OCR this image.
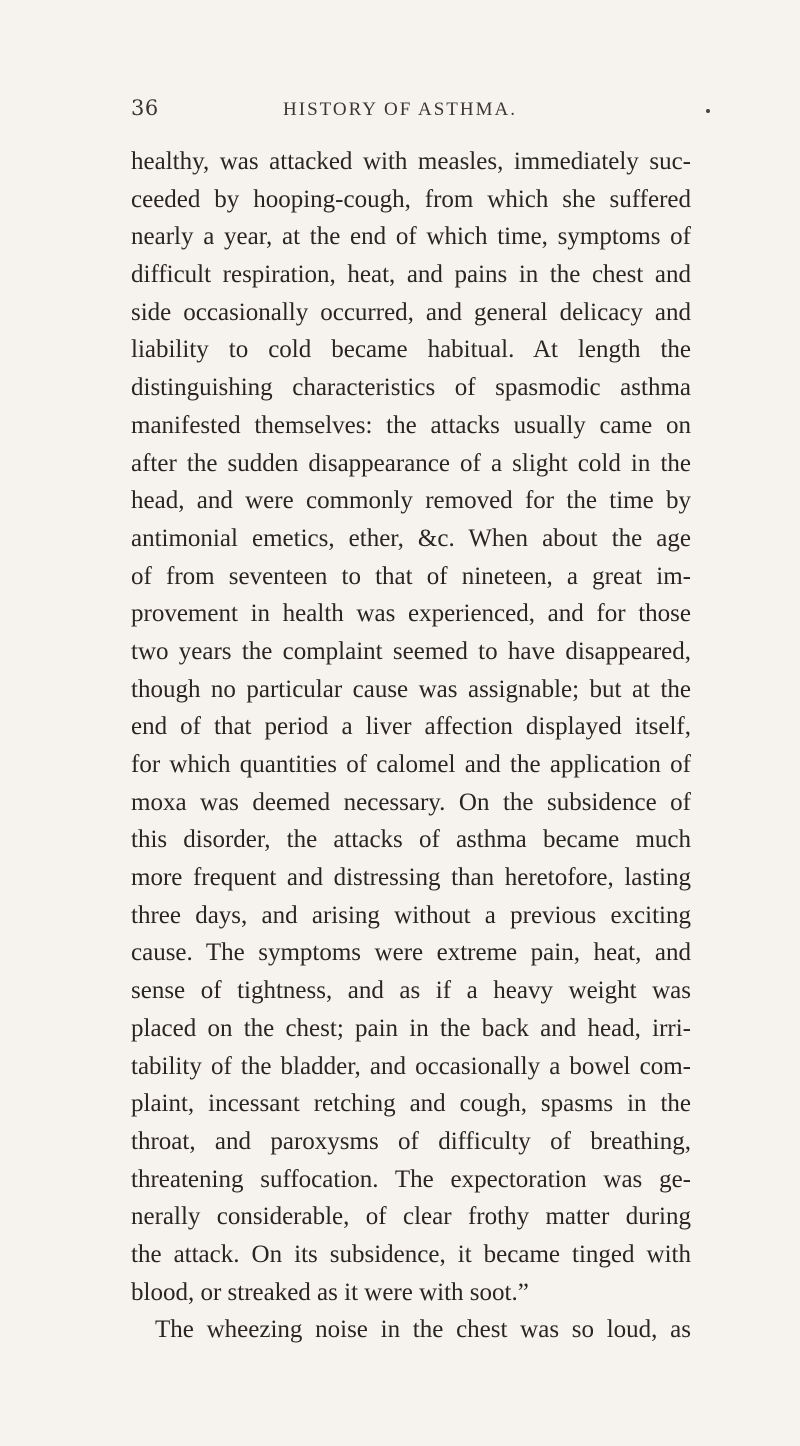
36	HISTORY OF ASTHMA.
healthy, was attacked with measles, immediately suc-
ceeded by hooping-cough, from which she suffered
nearly a year, at the end of which time, symptoms of
difficult respiration, heat, and pains in the chest and
side occasionally occurred, and general delicacy and
liability to cold became habitual. At length the
distinguishing characteristics of spasmodic asthma
manifested themselves: the attacks usually came on
after the sudden disappearance of a slight cold in the
head, and were commonly removed for the time by
antimonial emetics, ether, &c. When about the age
of from seventeen to that of nineteen, a great im-
provement in health was experienced, and for those
two years the complaint seemed to have disappeared,
though no particular cause was assignable; but at the
end of that period a liver affection displayed itself,
for which quantities of calomel and the application of
moxa was deemed necessary. On the subsidence of
this disorder, the attacks of asthma became much
more frequent and distressing than heretofore, lasting
three days, and arising without a previous exciting
cause. The symptoms were extreme pain, heat, and
sense of tightness, and as if a heavy weight was
placed on the chest; pain in the back and head, irri-
tability of the bladder, and occasionally a bowel com-
plaint, incessant retching and cough, spasms in the
throat, and paroxysms of difficulty of breathing,
threatening suffocation. The expectoration was ge-
nerally considerable, of clear frothy matter during
the attack. On its subsidence, it became tinged with
blood, or streaked as it were with soot.”
The wheezing noise in the chest was so loud, as
